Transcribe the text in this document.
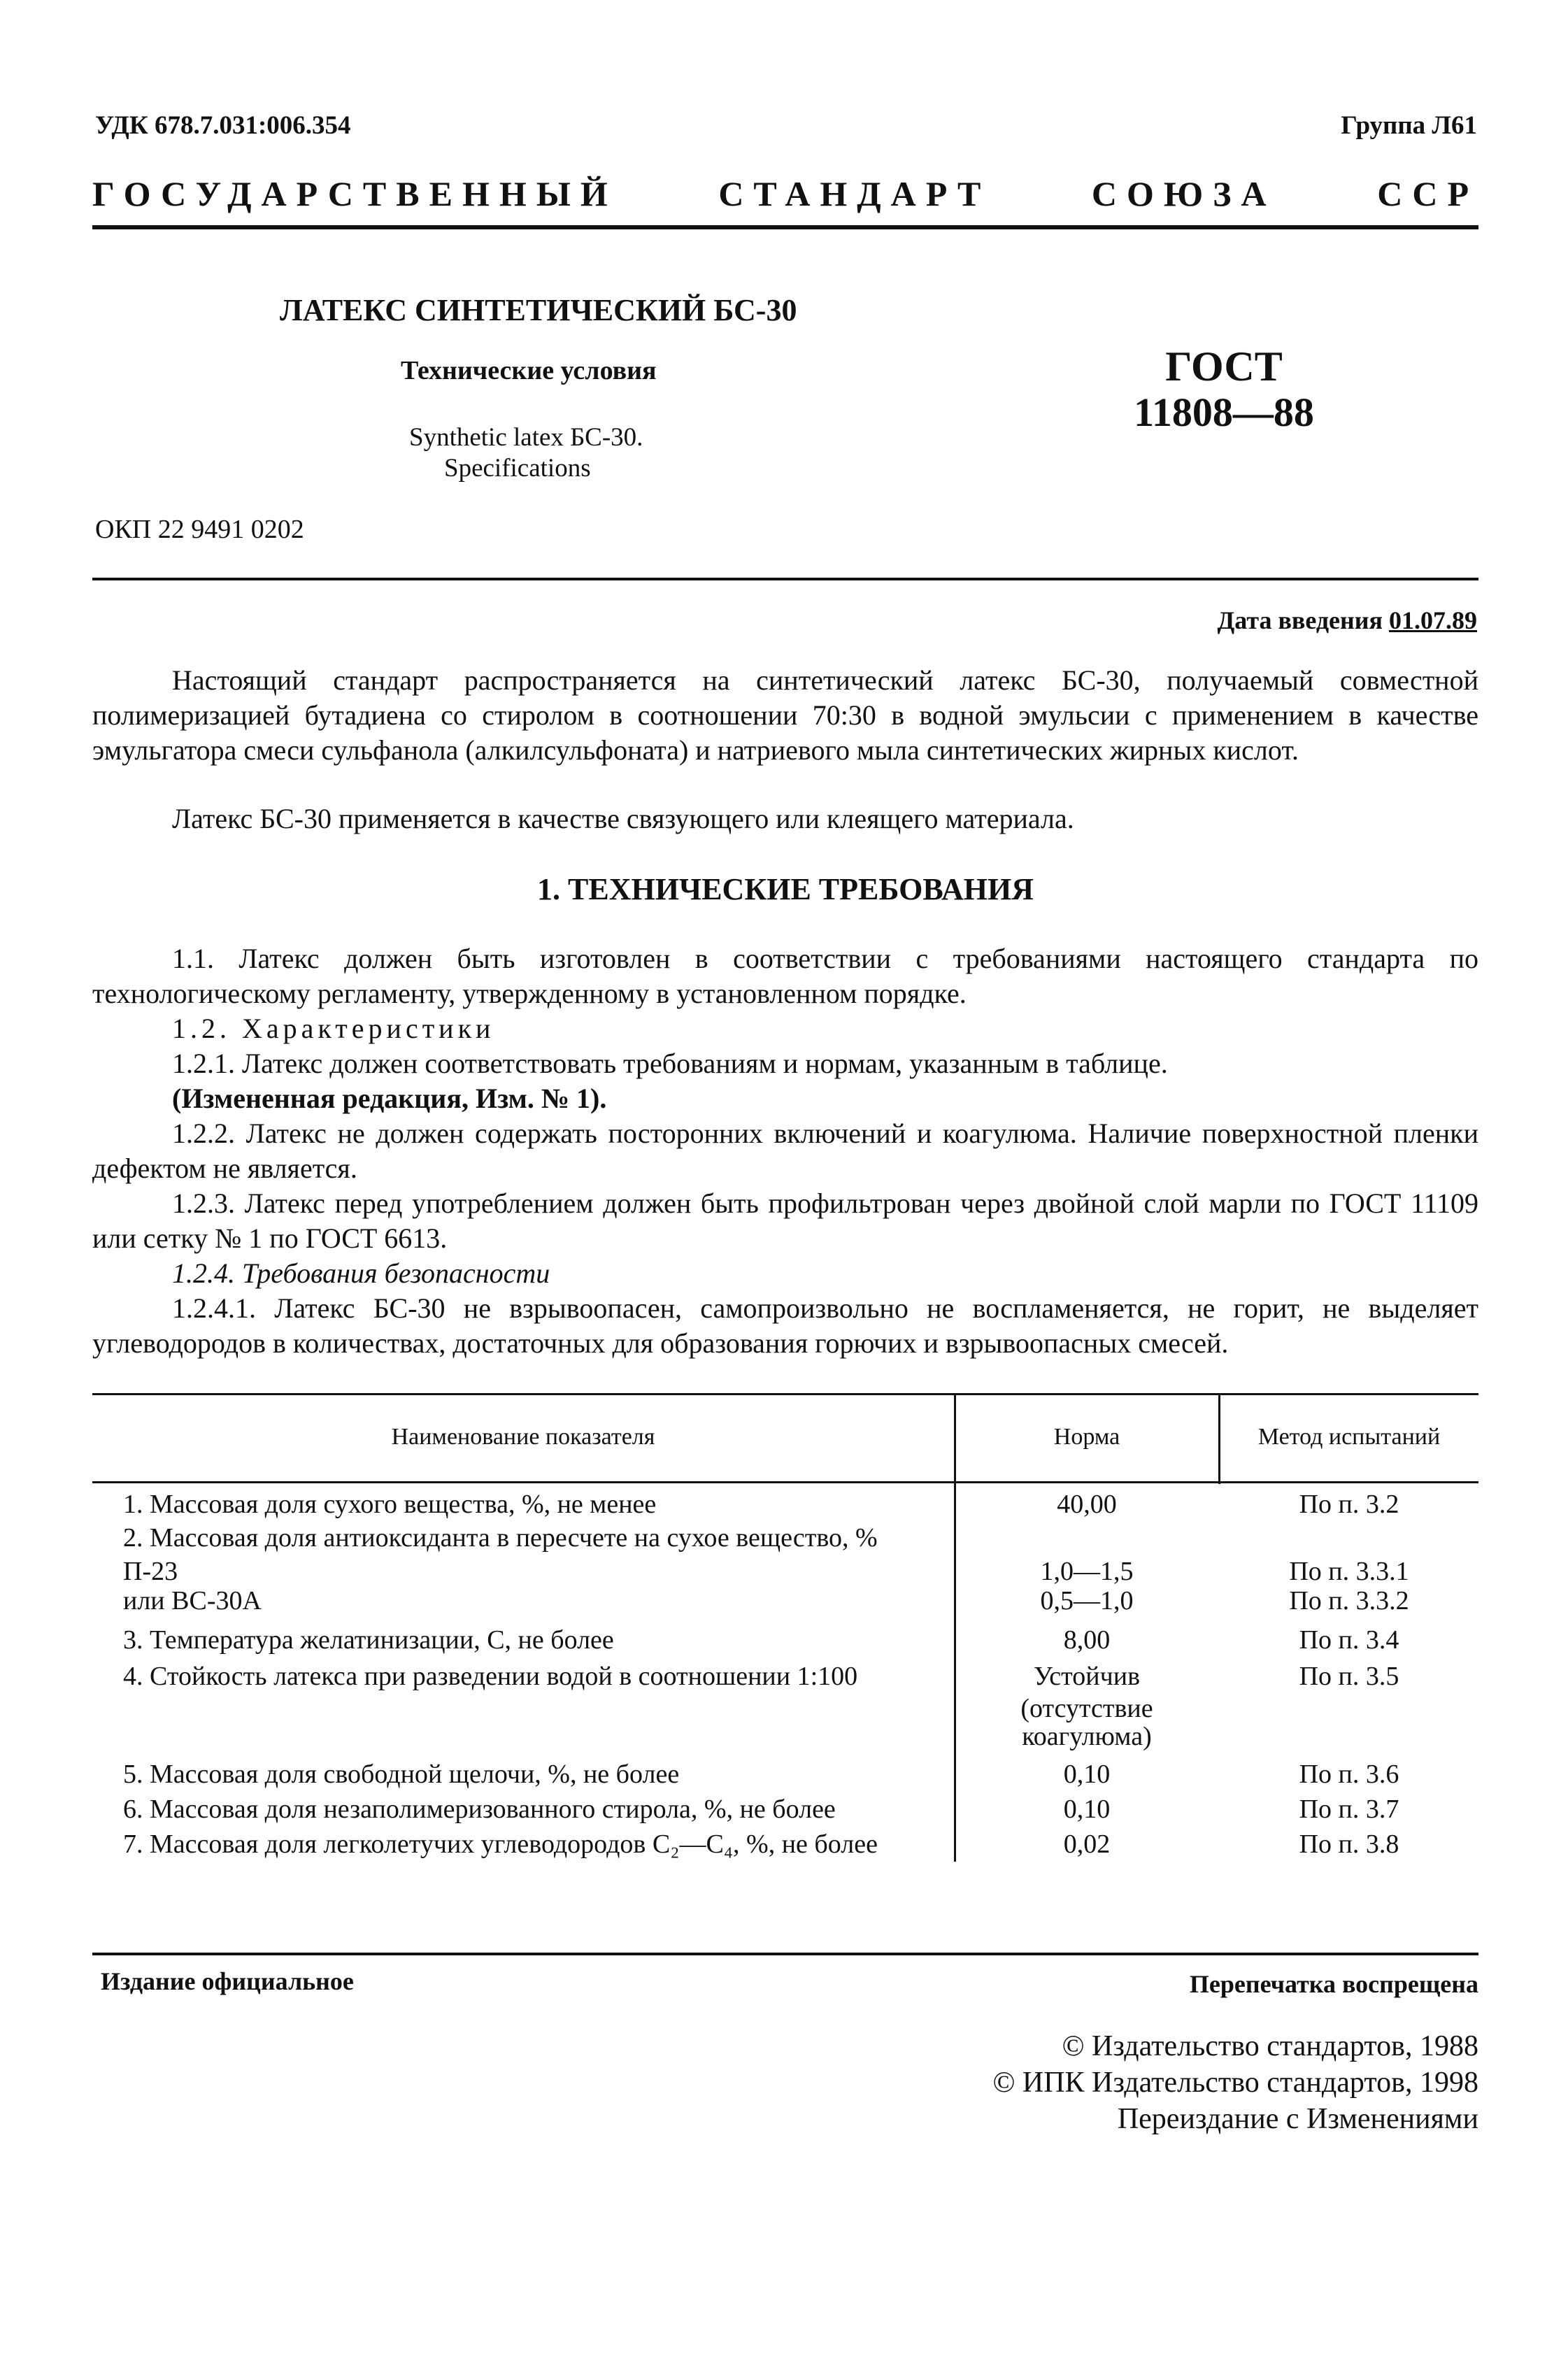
УДК 678.7.031:006.354	Группа Л61
ГОСУДАРСТВЕННЫЙ СТАНДАРТ СОЮЗА ССР
ЛАТЕКС СИНТЕТИЧЕСКИЙ БС-30
Технические условия
Synthetic latex БС-30.
Specifications
ГОСТ
11808—88
ОКП 22 9491 0202
Дата введения 01.07.89

Настоящий стандарт распространяется на синтетический латекс БС-30, получаемый совместной полимеризацией бутадиена со стиролом в соотношении 70:30 в водной эмульсии с применением в качестве эмульгатора смеси сульфанола (алкилсульфоната) и натриевого мыла синтетических жирных кислот.

Латекс БС-30 применяется в качестве связующего или клеящего материала.

1. ТЕХНИЧЕСКИЕ ТРЕБОВАНИЯ

1.1. Латекс должен быть изготовлен в соответствии с требованиями настоящего стандарта по технологическому регламенту, утвержденному в установленном порядке.

1.2. Характеристики

1.2.1. Латекс должен соответствовать требованиям и нормам, указанным в таблице.

(Измененная редакция, Изм. № 1).

1.2.2. Латекс не должен содержать посторонних включений и коагулюма. Наличие поверхностной пленки дефектом не является.

1.2.3. Латекс перед употреблением должен быть профильтрован через двойной слой марли по ГОСТ 11109 или сетку № 1 по ГОСТ 6613.

1.2.4. Требования безопасности

1.2.4.1. Латекс БС-30 не взрывоопасен, самопроизвольно не воспламеняется, не горит, не выделяет углеводородов в количествах, достаточных для образования горючих и взрывоопасных смесей.

Наименование показателя	Норма	Метод испытаний
1. Массовая доля сухого вещества, %, не менее	40,00	По п. 3.2
2. Массовая доля антиоксиданта в пересчете на сухое вещество, %
П-23	1,0—1,5	По п. 3.3.1
или ВС-30А	0,5—1,0	По п. 3.3.2
3. Температура желатинизации, С, не более	8,00	По п. 3.4
4. Стойкость латекса при разведении водой в соотношении 1:100	Устойчив	По п. 3.5
(отсутствие
коагулюма)
5. Массовая доля свободной щелочи, %, не более	0,10	По п. 3.6
6. Массовая доля незаполимеризованного стирола, %, не более	0,10	По п. 3.7
7. Массовая доля легколетучих углеводородов С₂—С₄, %, не более	0,02	По п. 3.8
Издание официальное	Перепечатка воспрещена
© Издательство стандартов, 1988
© ИПК Издательство стандартов, 1998
Переиздание с Изменениями
